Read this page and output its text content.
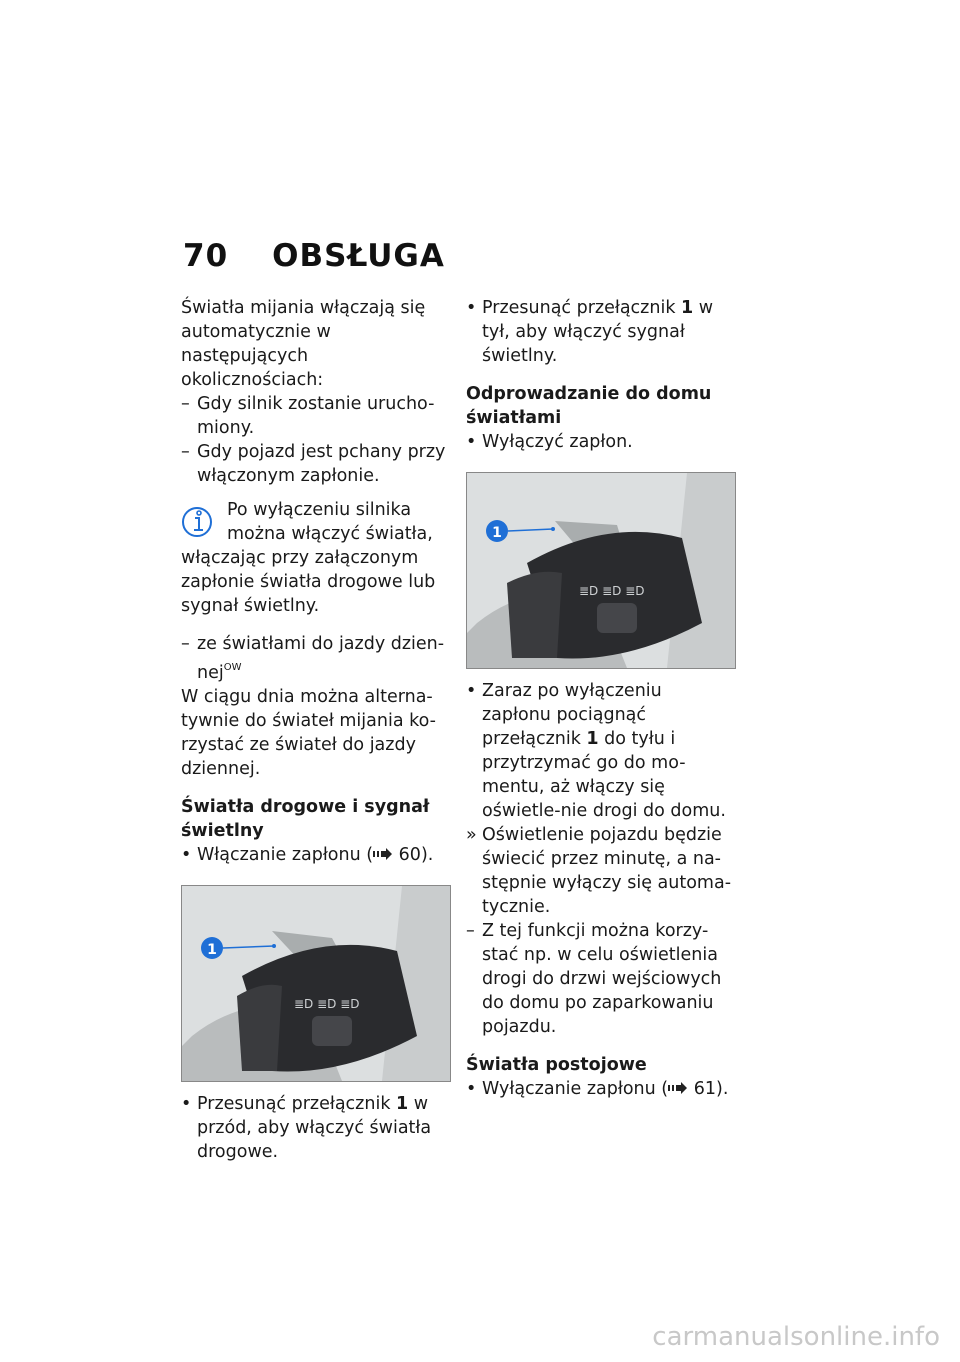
70 OBSŁUGA

Światła mijania włączają się automatycznie w następujących okolicznościach:

– Gdy silnik zostanie urucho-miony.
– Gdy pojazd jest pchany przy włączonym zapłonie.

Po wyłączeniu silnika można włączyć światła,

włączając przy załączonym zapłonie światła drogowe lub sygnał świetlny.

– ze światłami do jazdy dzien-nej$^{OW}$

W ciągu dnia można alterna-tywnie do świateł mijania ko-rzystać ze świateł do jazdy dziennej.

Światła drogowe i sygnał świetlny

• Włączanie zapłonu ( 60).
≣D ≣D ≣D
1
• Przesunąć przełącznik 1 w przód, aby włączyć światła drogowe.
• Przesunąć przełącznik 1 w tył, aby włączyć sygnał świetlny.

Odprowadzanie do domu światłami

• Wyłączyć zapłon.
≣D ≣D ≣D
1
• Zaraz po wyłączeniu zapłonu pociągnąć przełącznik 1 do tyłu i przytrzymać go do mo-mentu, aż włączy się oświetle-nie drogi do domu.
» Oświetlenie pojazdu będzie świecić przez minutę, a na-stępnie wyłączy się automa-tycznie.
– Z tej funkcji można korzy-stać np. w celu oświetlenia drogi do drzwi wejściowych do domu po zaparkowaniu pojazdu.

Światła postojowe

• Wyłączanie zapłonu ( 61).
carmanualsonline.info
